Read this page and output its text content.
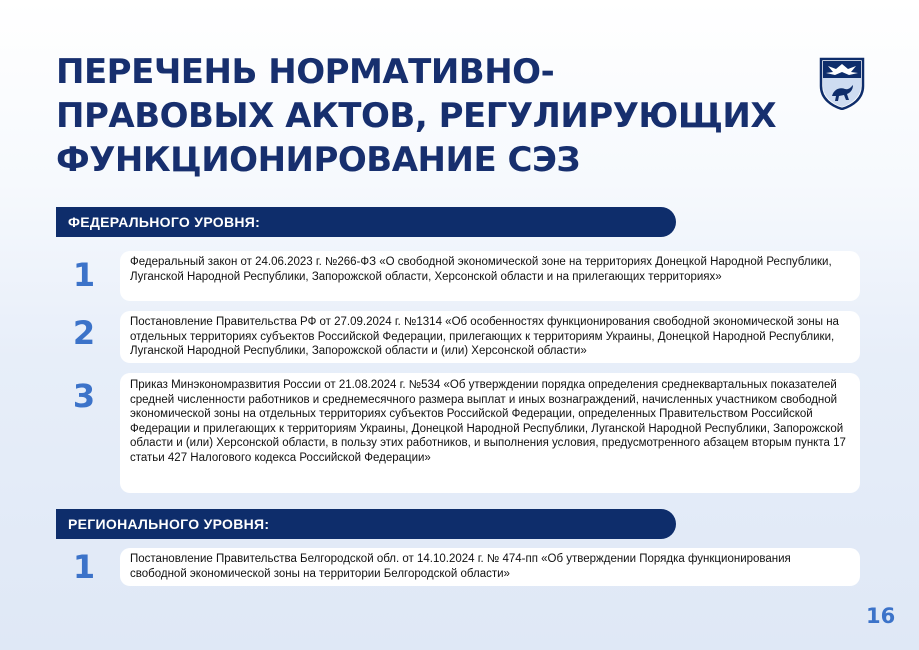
ПЕРЕЧЕНЬ НОРМАТИВНО-
ПРАВОВЫХ АКТОВ, РЕГУЛИРУЮЩИХ
ФУНКЦИОНИРОВАНИЕ СЭЗ
ФЕДЕРАЛЬНОГО УРОВНЯ:
1	Федеральный закон от 24.06.2023 г. №266-ФЗ «О свободной экономической зоне на территориях Донецкой Народной Республики, Луганской Народной Республики, Запорожской области, Херсонской области и на прилегающих территориях»
2	Постановление Правительства РФ от 27.09.2024 г. №1314 «Об особенностях функционирования свободной экономической зоны на отдельных территориях субъектов Российской Федерации, прилегающих к территориям Украины, Донецкой Народной Республики, Луганской Народной Республики, Запорожской области и (или) Херсонской области»
3	Приказ Минэкономразвития России от 21.08.2024 г. №534 «Об утверждении порядка определения среднеквартальных показателей средней численности работников и среднемесячного размера выплат и иных вознаграждений, начисленных участником свободной экономической зоны на отдельных территориях субъектов Российской Федерации, определенных Правительством Российской Федерации и прилегающих к территориям Украины, Донецкой Народной Республики, Луганской Народной Республики, Запорожской области и (или) Херсонской области, в пользу этих работников, и выполнения условия, предусмотренного абзацем вторым пункта 17 статьи 427 Налогового кодекса Российской Федерации»
РЕГИОНАЛЬНОГО УРОВНЯ:
1	Постановление Правительства Белгородской обл. от 14.10.2024 г. № 474-пп «Об утверждении Порядка функционирования свободной экономической зоны на территории Белгородской области»
16
